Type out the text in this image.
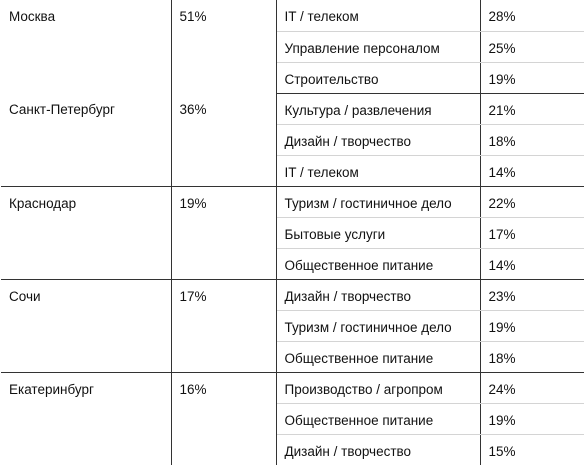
Москва	51%	IT / телеком	28%
		Управление персоналом	25%
		Строительство	19%
Санкт-Петербург	36%	Культура / развлечения	21%
		Дизайн / творчество	18%
		IT / телеком	14%
Краснодар	19%	Туризм / гостиничное дело	22%
		Бытовые услуги	17%
		Общественное питание	14%
Сочи	17%	Дизайн / творчество	23%
		Туризм / гостиничное дело	19%
		Общественное питание	18%
Екатеринбург	16%	Производство / агропром	24%
		Общественное питание	19%
		Дизайн / творчество	15%
